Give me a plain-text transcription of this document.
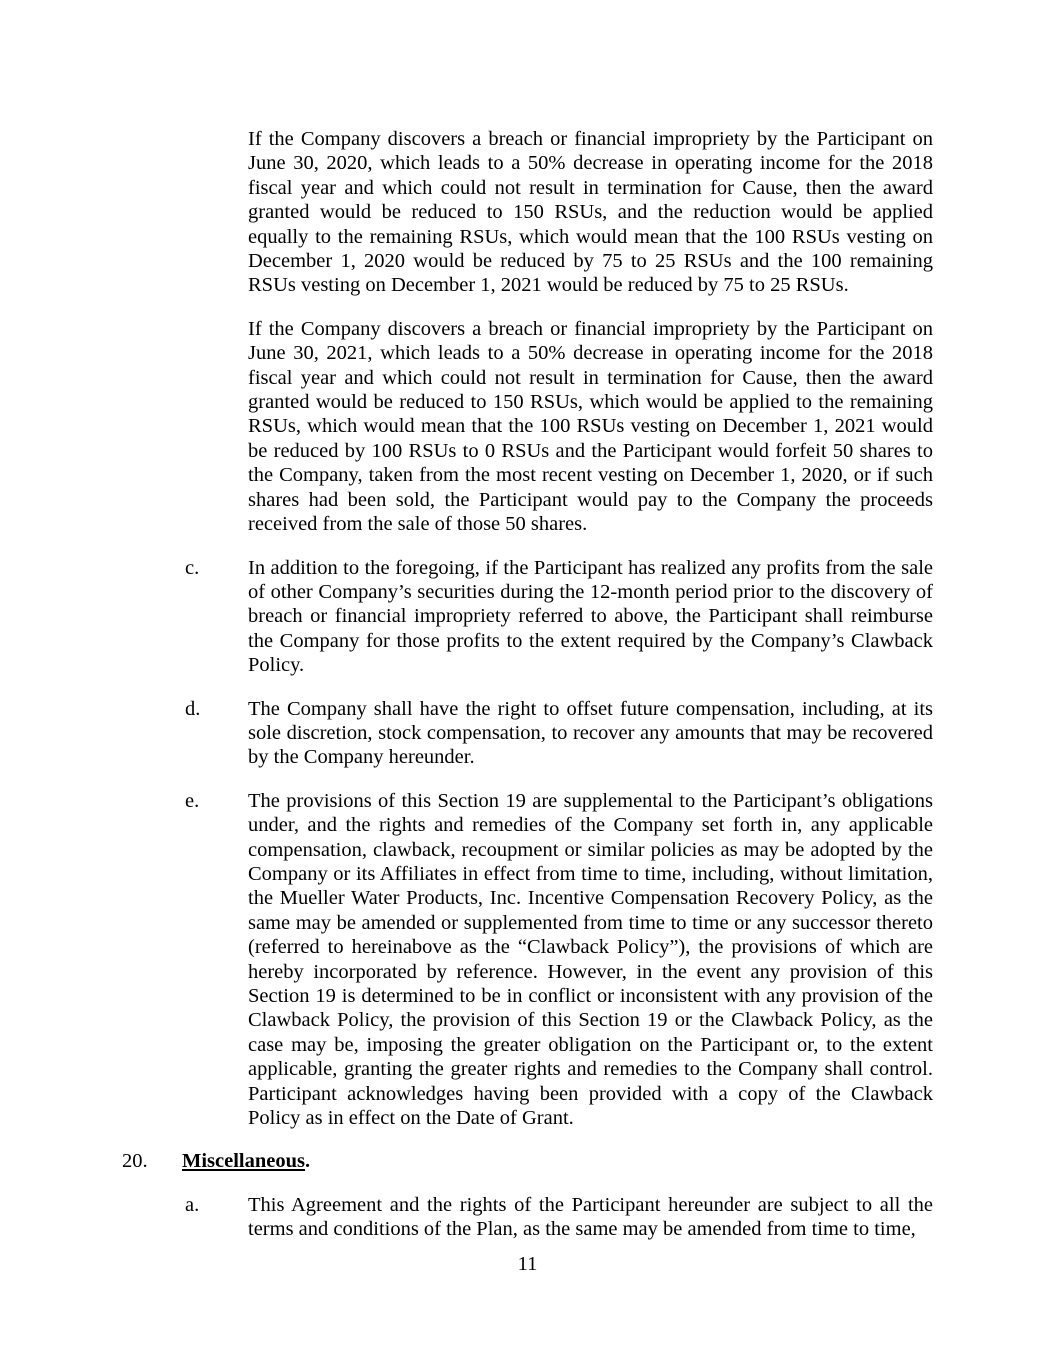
If the Company discovers a breach or financial impropriety by the Participant on June 30, 2020, which leads to a 50% decrease in operating income for the 2018 fiscal year and which could not result in termination for Cause, then the award granted would be reduced to 150 RSUs, and the reduction would be applied equally to the remaining RSUs, which would mean that the 100 RSUs vesting on December 1, 2020 would be reduced by 75 to 25 RSUs and the 100 remaining RSUs vesting on December 1, 2021 would be reduced by 75 to 25 RSUs.

If the Company discovers a breach or financial impropriety by the Participant on June 30, 2021, which leads to a 50% decrease in operating income for the 2018 fiscal year and which could not result in termination for Cause, then the award granted would be reduced to 150 RSUs, which would be applied to the remaining RSUs, which would mean that the 100 RSUs vesting on December 1, 2021 would be reduced by 100 RSUs to 0 RSUs and the Participant would forfeit 50 shares to the Company, taken from the most recent vesting on December 1, 2020, or if such shares had been sold, the Participant would pay to the Company the proceeds received from the sale of those 50 shares.

c.	In addition to the foregoing, if the Participant has realized any profits from the sale of other Company’s securities during the 12-month period prior to the discovery of breach or financial impropriety referred to above, the Participant shall reimburse the Company for those profits to the extent required by the Company’s Clawback Policy.

d.	The Company shall have the right to offset future compensation, including, at its sole discretion, stock compensation, to recover any amounts that may be recovered by the Company hereunder.

e.	The provisions of this Section 19 are supplemental to the Participant’s obligations under, and the rights and remedies of the Company set forth in, any applicable compensation, clawback, recoupment or similar policies as may be adopted by the Company or its Affiliates in effect from time to time, including, without limitation, the Mueller Water Products, Inc. Incentive Compensation Recovery Policy, as the same may be amended or supplemented from time to time or any successor thereto (referred to hereinabove as the “Clawback Policy”), the provisions of which are hereby incorporated by reference. However, in the event any provision of this Section 19 is determined to be in conflict or inconsistent with any provision of the Clawback Policy, the provision of this Section 19 or the Clawback Policy, as the case may be, imposing the greater obligation on the Participant or, to the extent applicable, granting the greater rights and remedies to the Company shall control. Participant acknowledges having been provided with a copy of the Clawback Policy as in effect on the Date of Grant.

20.	Miscellaneous.
a.	This Agreement and the rights of the Participant hereunder are subject to all the terms and conditions of the Plan, as the same may be amended from time to time,

11
